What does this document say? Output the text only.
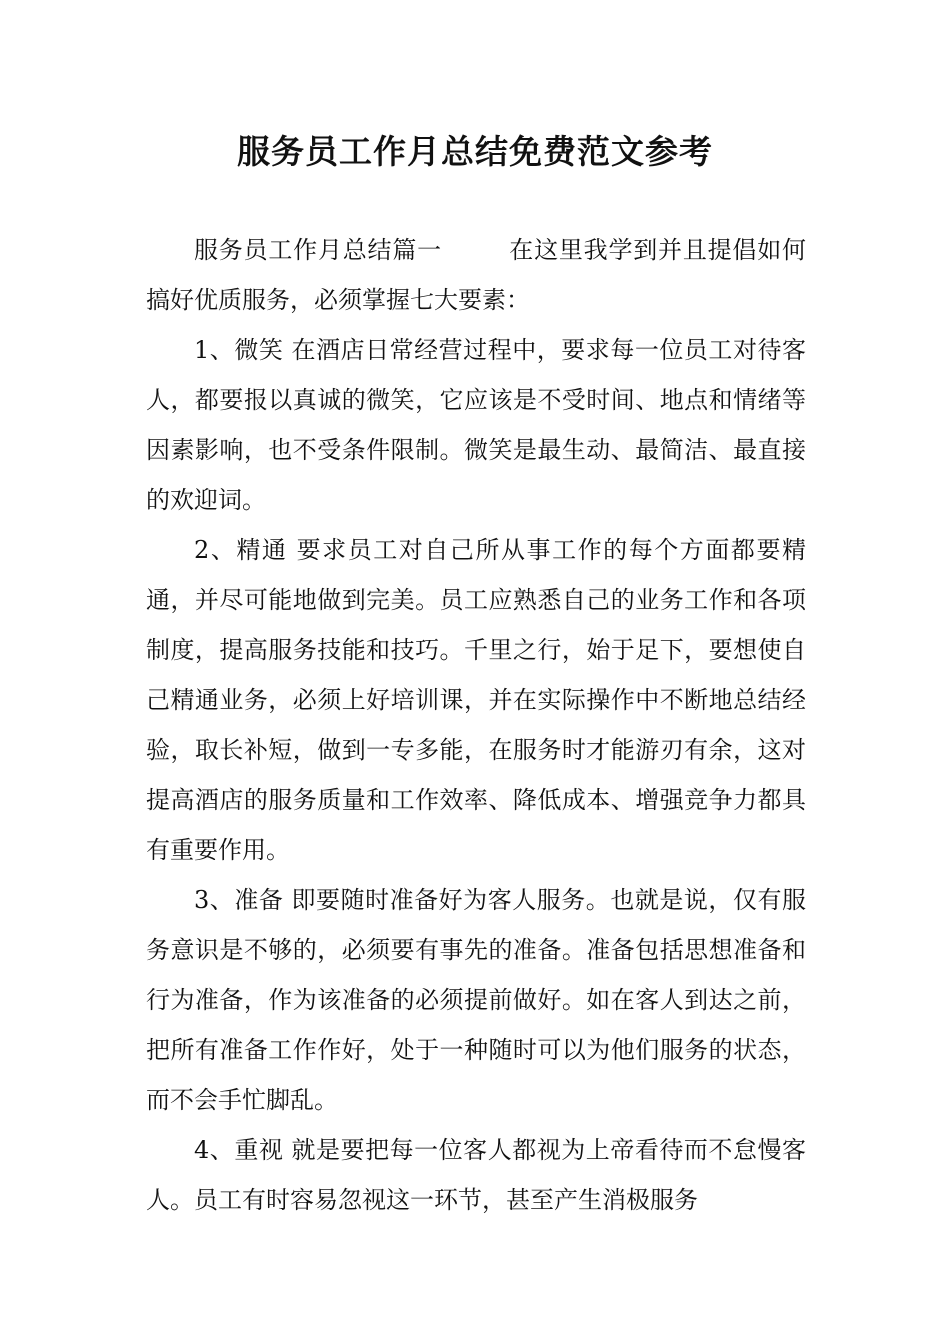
服务员工作月总结免费范文参考

服务员工作月总结篇一        在这里我学到并且提倡如何搞好优质服务，必须掌握七大要素：

1、微笑 在酒店日常经营过程中，要求每一位员工对待客人，都要报以真诚的微笑，它应该是不受时间、地点和情绪等因素影响，也不受条件限制。微笑是最生动、最简洁、最直接的欢迎词。

2、精通 要求员工对自己所从事工作的每个方面都要精通，并尽可能地做到完美。员工应熟悉自己的业务工作和各项制度，提高服务技能和技巧。千里之行，始于足下，要想使自己精通业务，必须上好培训课，并在实际操作中不断地总结经验，取长补短，做到一专多能，在服务时才能游刃有余，这对提高酒店的服务质量和工作效率、降低成本、增强竞争力都具有重要作用。

3、准备 即要随时准备好为客人服务。也就是说，仅有服务意识是不够的，必须要有事先的准备。准备包括思想准备和行为准备，作为该准备的必须提前做好。如在客人到达之前，把所有准备工作作好，处于一种随时可以为他们服务的状态，而不会手忙脚乱。

4、重视 就是要把每一位客人都视为上帝看待而不怠慢客人。员工有时容易忽视这一环节，甚至产生消极服务
